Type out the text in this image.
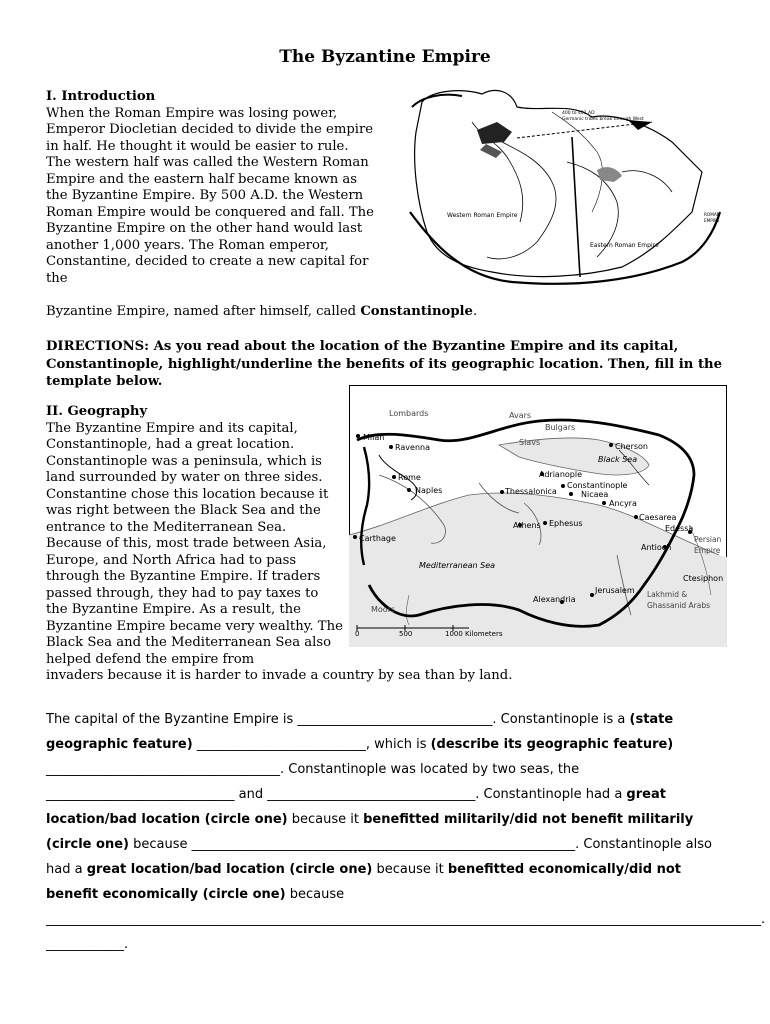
The Byzantine Empire
I. Introduction
When the Roman Empire was losing power, Emperor Diocletian decided to divide the empire in half. He thought it would be easier to rule. The western half was called the Western Roman Empire and the eastern half became known as the Byzantine Empire. By 500 A.D. the Western Roman Empire would be conquered and fall. The Byzantine Empire on the other hand would last another 1,000 years. The Roman emperor, Constantine, decided to create a new capital for the
Byzantine Empire, named after himself, called Constantinople.
DIRECTIONS: As you read about the location of the Byzantine Empire and its capital, Constantinople, highlight/underline the benefits of its geographic location. Then, fill in the template below.
II. Geography
The Byzantine Empire and its capital, Constantinople, had a great location. Constantinople was a peninsula, which is land surrounded by water on three sides. Constantine chose this location because it was right between the Black Sea and the entrance to the Mediterranean Sea. Because of this, most trade between Asia, Europe, and North Africa had to pass through the Byzantine Empire. If traders passed through, they had to pay taxes to the Byzantine Empire. As a result, the Byzantine Empire became very wealthy. The Black Sea and the Mediterranean Sea also helped defend the empire from
invaders because it is harder to invade a country by sea than by land.
400 to 401 AD
Germanic tribes break through West
Western Roman Empire
Eastern Roman Empire
ROMAN
EMPIRE
Lombards	Avars
Bulgars
Slavs
Milan
Ravenna	Cherson
Black Sea
Rome
Naples
Adrianople
Constantinople
Thessalonica	Nicaea
Ancyra
Caesarea
Edessa
Carthage
Athens Ephesus
Antioch
Persian
Empire
Mediterranean Sea
Ctesiphon
Jerusalem
Alexandria
Lakhmid &
Ghassanid Arabs
Moors
0	500	1000 Kilometers
The capital of the Byzantine Empire is ______________________________. Constantinople is a (state geographic feature) __________________________, which is (describe its geographic feature) ____________________________________. Constantinople was located by two seas, the _____________________________ and ________________________________. Constantinople had a great location/bad location (circle one) because it benefitted militarily/did not benefit militarily (circle one) because ___________________________________________________________. Constantinople also had a great location/bad location (circle one) because it benefitted economically/did not benefit economically (circle one) because ______________________________________________________________________________________________________________.
____________.
